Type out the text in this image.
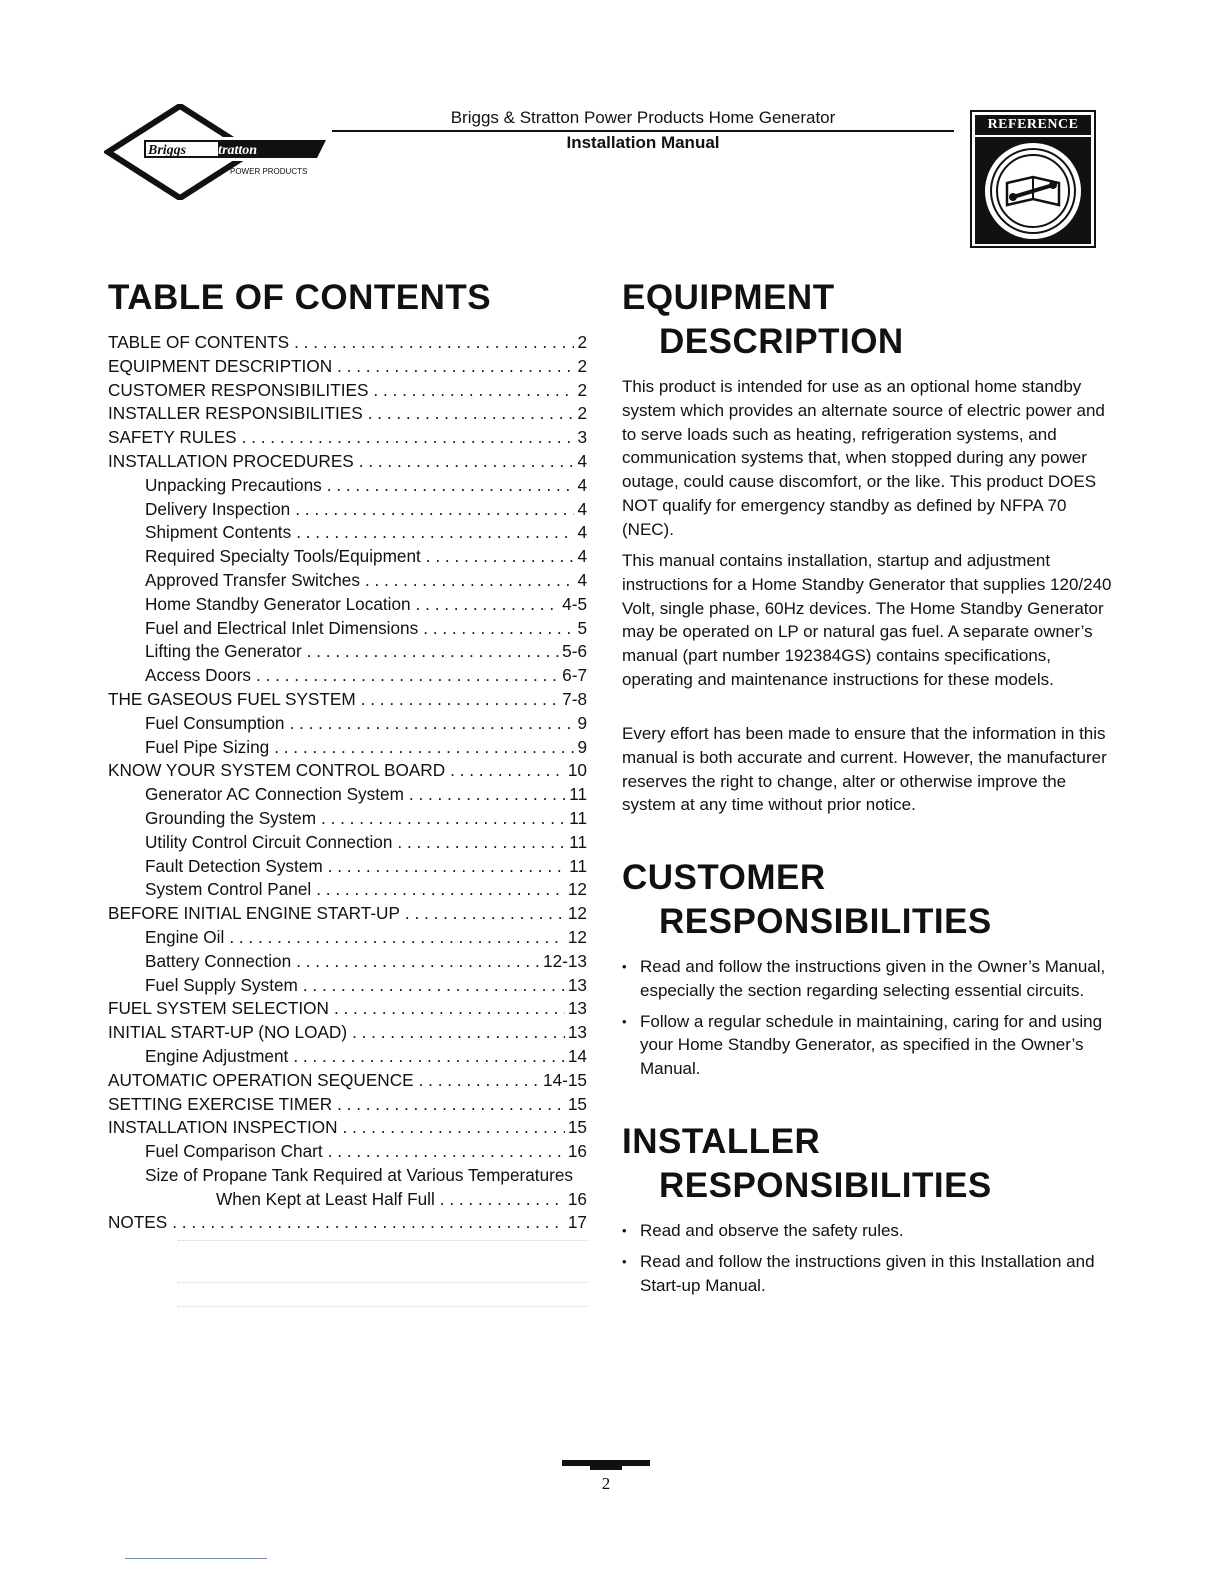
Briggs & Stratton
POWER PRODUCTS
Briggs & Stratton Power Products Home Generator
Installation Manual
REFERENCE
TABLE OF CONTENTS
TABLE OF CONTENTS . . .	2
EQUIPMENT DESCRIPTION . . .	2
CUSTOMER RESPONSIBILITIES . . .	2
INSTALLER RESPONSIBILITIES . . .	2
SAFETY RULES . . .	3
INSTALLATION PROCEDURES . . .	4
Unpacking Precautions . . .	4
Delivery Inspection . . .	4
Shipment Contents . . .	4
Required Specialty Tools/Equipment . . .	4
Approved Transfer Switches . . .	4
Home Standby Generator Location . . .	4-5
Fuel and Electrical Inlet Dimensions . . .	5
Lifting the Generator . . .	5-6
Access Doors . . .	6-7
THE GASEOUS FUEL SYSTEM . . .	7-8
Fuel Consumption . . .	9
Fuel Pipe Sizing . . .	9
KNOW YOUR SYSTEM CONTROL BOARD . . .	10
Generator AC Connection System . . .	11
Grounding the System . . .	11
Utility Control Circuit Connection . . .	11
Fault Detection System . . .	11
System Control Panel . . .	12
BEFORE INITIAL ENGINE START-UP . . .	12
Engine Oil . . .	12
Battery Connection . . .	12-13
Fuel Supply System . . .	13
FUEL SYSTEM SELECTION . . .	13
INITIAL START-UP (NO LOAD) . . .	13
Engine Adjustment . . .	14
AUTOMATIC OPERATION SEQUENCE . . .	14-15
SETTING EXERCISE TIMER . . .	15
INSTALLATION INSPECTION . . .	15
Fuel Comparison Chart . . .	16
Size of Propane Tank Required at Various Temperatures
When Kept at Least Half Full . . .	16
NOTES . . .	17
EQUIPMENT
DESCRIPTION

This product is intended for use as an optional home standby system which provides an alternate source of electric power and to serve loads such as heating, refrigeration systems, and communication systems that, when stopped during any power outage, could cause discomfort, or the like. This product DOES NOT qualify for emergency standby as defined by NFPA 70 (NEC).

This manual contains installation, startup and adjustment instructions for a Home Standby Generator that supplies 120/240 Volt, single phase, 60Hz devices. The Home Standby Generator may be operated on LP or natural gas fuel. A separate owner’s manual (part number 192384GS) contains specifications, operating and maintenance instructions for these models.

Every effort has been made to ensure that the information in this manual is both accurate and current. However, the manufacturer reserves the right to change, alter or otherwise improve the system at any time without prior notice.

CUSTOMER
RESPONSIBILITIES
• Read and follow the instructions given in the Owner’s Manual, especially the section regarding selecting essential circuits.
• Follow a regular schedule in maintaining, caring for and using your Home Standby Generator, as specified in the Owner’s Manual.
INSTALLER
RESPONSIBILITIES
• Read and observe the safety rules.
• Read and follow the instructions given in this Installation and Start-up Manual.
2
